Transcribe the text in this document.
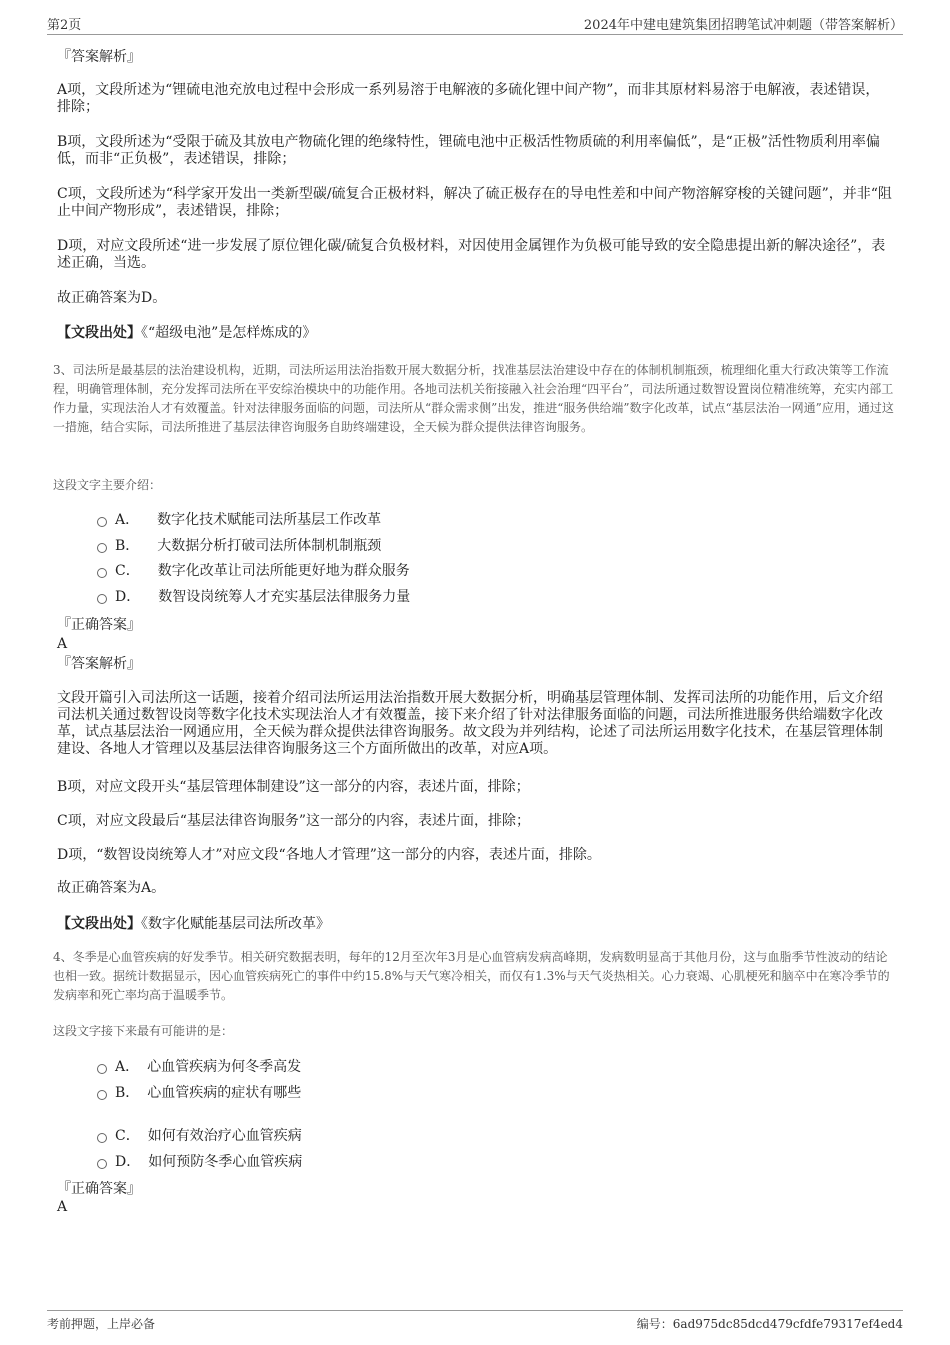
第2页	2024年中建电建筑集团招聘笔试冲刺题（带答案解析）
『答案解析』
A项，文段所述为“锂硫电池充放电过程中会形成一系列易溶于电解液的多硫化锂中间产物”，而非其原材料易溶于电解液，表述错误，排除；
B项，文段所述为“受限于硫及其放电产物硫化锂的绝缘特性，锂硫电池中正极活性物质硫的利用率偏低”，是“正极”活性物质利用率偏低，而非“正负极”，表述错误，排除；
C项，文段所述为“科学家开发出一类新型碳/硫复合正极材料，解决了硫正极存在的导电性差和中间产物溶解穿梭的关键问题”，并非“阻止中间产物形成”，表述错误，排除；
D项，对应文段所述“进一步发展了原位锂化碳/硫复合负极材料，对因使用金属锂作为负极可能导致的安全隐患提出新的解决途径”，表述正确，当选。
故正确答案为D。
【文段出处】《“超级电池”是怎样炼成的》
3、司法所是最基层的法治建设机构，近期，司法所运用法治指数开展大数据分析，找准基层法治建设中存在的体制机制瓶颈，梳理细化重大行政决策等工作流程，明确管理体制，充分发挥司法所在平安综治模块中的功能作用。各地司法机关衔接融入社会治理“四平台”，司法所通过数智设置岗位精准统筹，充实内部工作力量，实现法治人才有效覆盖。针对法律服务面临的问题，司法所从“群众需求侧”出发，推进“服务供给端”数字化改革，试点“基层法治一网通”应用，通过这一措施，结合实际，司法所推进了基层法律咨询服务自助终端建设，全天候为群众提供法律咨询服务。
这段文字主要介绍：
A． 数字化技术赋能司法所基层工作改革
B． 大数据分析打破司法所体制机制瓶颈
C． 数字化改革让司法所能更好地为群众服务
D． 数智设岗统筹人才充实基层法律服务力量
『正确答案』
A
『答案解析』
文段开篇引入司法所这一话题，接着介绍司法所运用法治指数开展大数据分析，明确基层管理体制、发挥司法所的功能作用，后文介绍司法机关通过数智设岗等数字化技术实现法治人才有效覆盖，接下来介绍了针对法律服务面临的问题，司法所推进服务供给端数字化改革，试点基层法治一网通应用，全天候为群众提供法律咨询服务。故文段为并列结构，论述了司法所运用数字化技术，在基层管理体制建设、各地人才管理以及基层法律咨询服务这三个方面所做出的改革，对应A项。
B项，对应文段开头“基层管理体制建设”这一部分的内容，表述片面，排除；
C项，对应文段最后“基层法律咨询服务”这一部分的内容，表述片面，排除；
D项，“数智设岗统筹人才”对应文段“各地人才管理”这一部分的内容，表述片面，排除。
故正确答案为A。
【文段出处】《数字化赋能基层司法所改革》
4、冬季是心血管疾病的好发季节。相关研究数据表明，每年的12月至次年3月是心血管病发病高峰期，发病数明显高于其他月份，这与血脂季节性波动的结论也相一致。据统计数据显示，因心血管疾病死亡的事件中约15.8%与天气寒冷相关，而仅有1.3%与天气炎热相关。心力衰竭、心肌梗死和脑卒中在寒冷季节的发病率和死亡率均高于温暖季节。
这段文字接下来最有可能讲的是：
A． 心血管疾病为何冬季高发
B． 心血管疾病的症状有哪些
C． 如何有效治疗心血管疾病
D． 如何预防冬季心血管疾病
『正确答案』
A
考前押题，上岸必备	编号：6ad975dc85dcd479cfdfe79317ef4ed4
